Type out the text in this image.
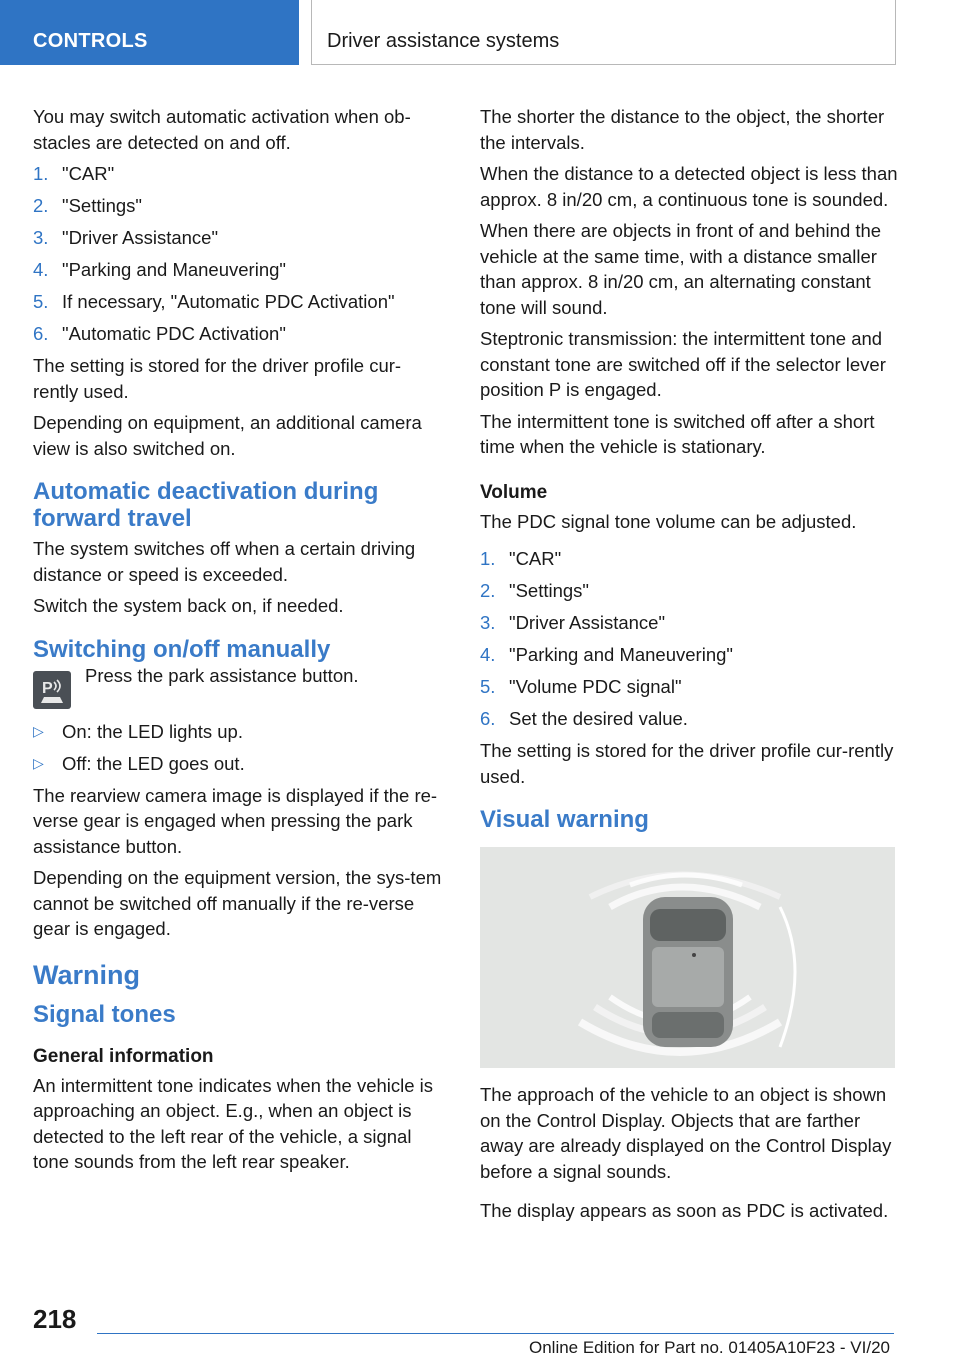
CONTROLS	Driver assistance systems

You may switch automatic activation when ob‐stacles are detected on and off.

1. "CAR"
2. "Settings"
3. "Driver Assistance"
4. "Parking and Maneuvering"
5. If necessary, "Automatic PDC Activation"
6. "Automatic PDC Activation"

The setting is stored for the driver profile cur‐rently used.

Depending on equipment, an additional camera view is also switched on.

Automatic deactivation during forward travel

The system switches off when a certain driving distance or speed is exceeded.

Switch the system back on, if needed.

Switching on/off manually
P

Press the park assistance button.

▷ On: the LED lights up.
▷ Off: the LED goes out.

The rearview camera image is displayed if the re‐verse gear is engaged when pressing the park assistance button.

Depending on the equipment version, the sys‐tem cannot be switched off manually if the re‐verse gear is engaged.

Warning
Signal tones
General information

An intermittent tone indicates when the vehicle is approaching an object. E.g., when an object is detected to the left rear of the vehicle, a signal tone sounds from the left rear speaker.

The shorter the distance to the object, the shorter the intervals.

When the distance to a detected object is less than approx. 8 in/20 cm, a continuous tone is sounded.

When there are objects in front of and behind the vehicle at the same time, with a distance smaller than approx. 8 in/20 cm, an alternating constant tone will sound.

Steptronic transmission: the intermittent tone and constant tone are switched off if the selector lever position P is engaged.

The intermittent tone is switched off after a short time when the vehicle is stationary.

Volume

The PDC signal tone volume can be adjusted.

1. "CAR"
2. "Settings"
3. "Driver Assistance"
4. "Parking and Maneuvering"
5. "Volume PDC signal"
6. Set the desired value.

The setting is stored for the driver profile cur‐rently used.

Visual warning

The approach of the vehicle to an object is shown on the Control Display. Objects that are farther away are already displayed on the Control Display before a signal sounds.

The display appears as soon as PDC is activated.

218
Online Edition for Part no. 01405A10F23 - VI/20
